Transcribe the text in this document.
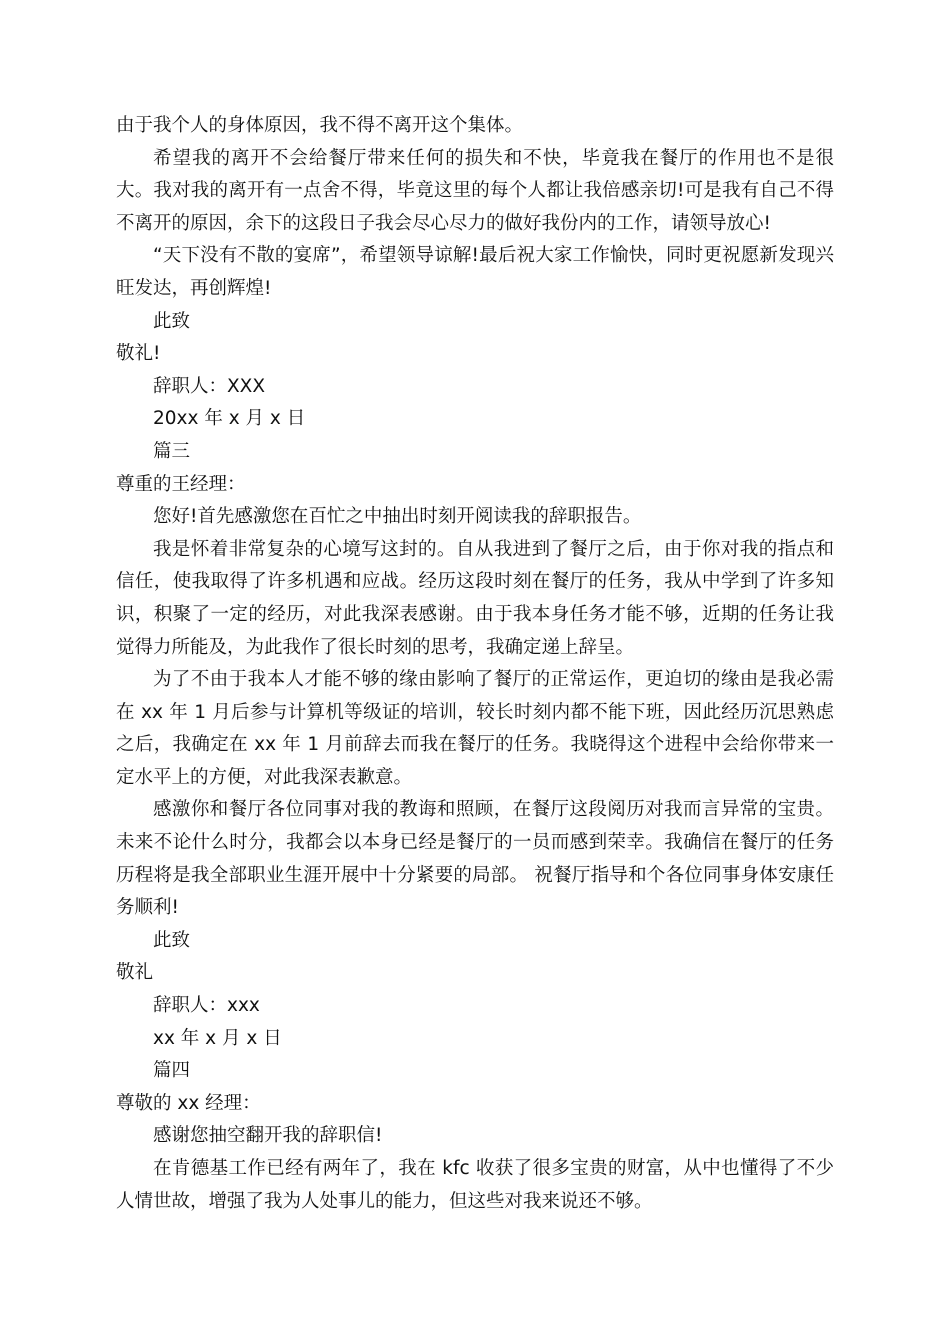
由于我个人的身体原因，我不得不离开这个集体。

希望我的离开不会给餐厅带来任何的损失和不快，毕竟我在餐厅的作用也不是很大。我对我的离开有一点舍不得，毕竟这里的每个人都让我倍感亲切!可是我有自己不得不离开的原因，余下的这段日子我会尽心尽力的做好我份内的工作，请领导放心!

“天下没有不散的宴席”，希望领导谅解!最后祝大家工作愉快，同时更祝愿新发现兴旺发达，再创辉煌!

此致

敬礼!

辞职人：XXX

20xx 年 x 月 x 日

篇三

尊重的王经理：

您好!首先感激您在百忙之中抽出时刻开阅读我的辞职报告。

我是怀着非常复杂的心境写这封的。自从我进到了餐厅之后，由于你对我的指点和信任，使我取得了许多机遇和应战。经历这段时刻在餐厅的任务，我从中学到了许多知识，积聚了一定的经历，对此我深表感谢。由于我本身任务才能不够，近期的任务让我觉得力所能及，为此我作了很长时刻的思考，我确定递上辞呈。

为了不由于我本人才能不够的缘由影响了餐厅的正常运作，更迫切的缘由是我必需在 xx 年 1 月后参与计算机等级证的培训，较长时刻内都不能下班，因此经历沉思熟虑之后，我确定在 xx 年 1 月前辞去而我在餐厅的任务。我晓得这个进程中会给你带来一定水平上的方便，对此我深表歉意。

感激你和餐厅各位同事对我的教诲和照顾，在餐厅这段阅历对我而言异常的宝贵。未来不论什么时分，我都会以本身已经是餐厅的一员而感到荣幸。我确信在餐厅的任务历程将是我全部职业生涯开展中十分紧要的局部。 祝餐厅指导和个各位同事身体安康任务顺利!

此致

敬礼

辞职人：xxx

xx 年 x 月 x 日

篇四

尊敬的 xx 经理：

感谢您抽空翻开我的辞职信!

在肯德基工作已经有两年了，我在 kfc 收获了很多宝贵的财富，从中也懂得了不少人情世故，增强了我为人处事儿的能力，但这些对我来说还不够。
